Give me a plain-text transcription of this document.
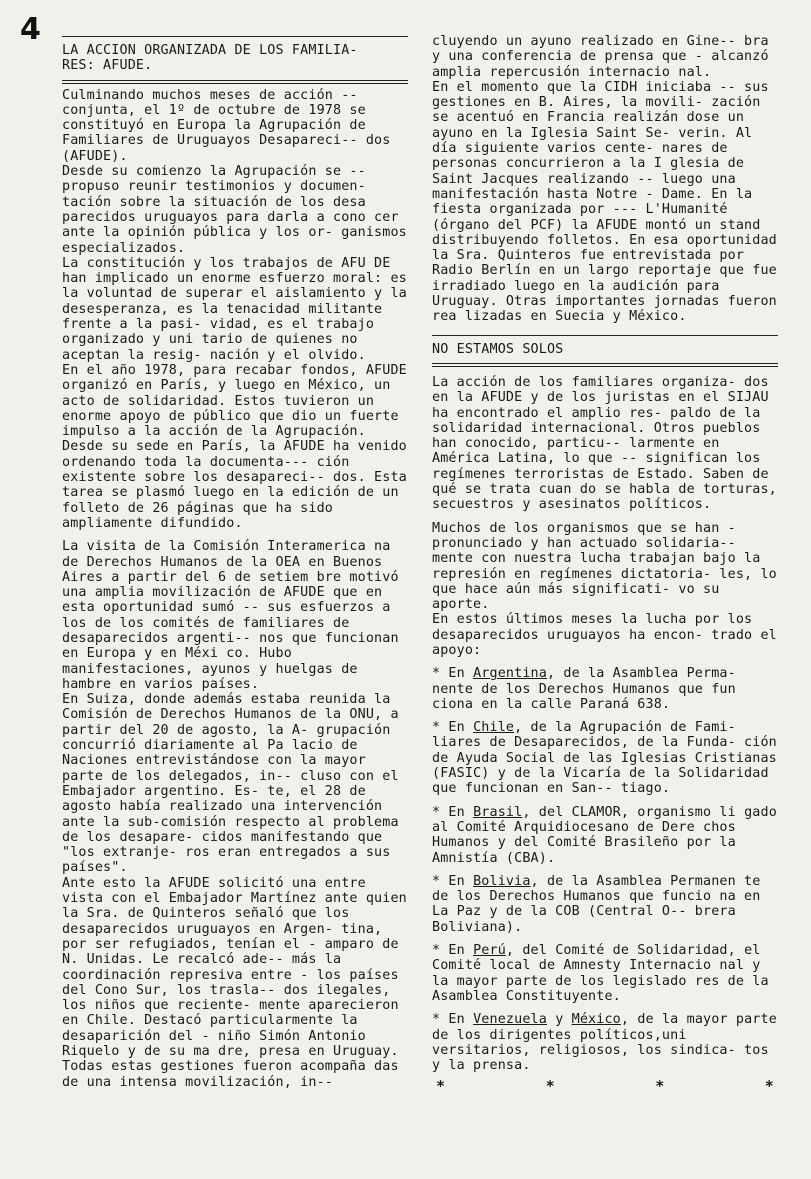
4
LA ACCION ORGANIZADA DE LOS FAMILIA-
RES: AFUDE.

Culminando muchos meses de acción -- conjunta, el 1º de octubre de 1978 se constituyó en Europa la Agrupación de Familiares de Uruguayos Desapareci-- dos (AFUDE).

Desde su comienzo la Agrupación se -- propuso reunir testimonios y documen- tación sobre la situación de los desa parecidos uruguayos para darla a cono cer ante la opinión pública y los or- ganismos especializados.

La constitución y los trabajos de AFU DE han implicado un enorme esfuerzo moral: es la voluntad de superar el aislamiento y la desesperanza, es la tenacidad militante frente a la pasi- vidad, es el trabajo organizado y uni tario de quienes no aceptan la resig- nación y el olvido.

En el año 1978, para recabar fondos, AFUDE organizó en París, y luego en México, un acto de solidaridad. Estos tuvieron un enorme apoyo de público que dio un fuerte impulso a la acción de la Agrupación.

Desde su sede en París, la AFUDE ha venido ordenando toda la documenta--- ción existente sobre los desapareci-- dos. Esta tarea se plasmó luego en la edición de un folleto de 26 páginas que ha sido ampliamente difundido.

La visita de la Comisión Interamerica na de Derechos Humanos de la OEA en Buenos Aires a partir del 6 de setiem bre motivó una amplia movilización de AFUDE que en esta oportunidad sumó -- sus esfuerzos a los de los comités de familiares de desaparecidos argenti-- nos que funcionan en Europa y en Méxi co. Hubo manifestaciones, ayunos y huelgas de hambre en varios países.

En Suiza, donde además estaba reunida la Comisión de Derechos Humanos de la ONU, a partir del 20 de agosto, la A- grupación concurrió diariamente al Pa lacio de Naciones entrevistándose con la mayor parte de los delegados, in-- cluso con el Embajador argentino. Es- te, el 28 de agosto había realizado una intervención ante la sub-comisión respecto al problema de los desapare- cidos manifestando que "los extranje- ros eran entregados a sus países".

Ante esto la AFUDE solicitó una entre vista con el Embajador Martínez ante quien la Sra. de Quinteros señaló que los desaparecidos uruguayos en Argen- tina, por ser refugiados, tenían el - amparo de N. Unidas. Le recalcó ade-- más la coordinación represiva entre - los países del Cono Sur, los trasla-- dos ilegales, los niños que reciente- mente aparecieron en Chile. Destacó particularmente la desaparición del - niño Simón Antonio Riquelo y de su ma dre, presa en Uruguay.

Todas estas gestiones fueron acompaña das de una intensa movilización, in--

cluyendo un ayuno realizado en Gine-- bra y una conferencia de prensa que - alcanzó amplia repercusión internacio nal.

En el momento que la CIDH iniciaba -- sus gestiones en B. Aires, la movili- zación se acentuó en Francia realizán dose un ayuno en la Iglesia Saint Se- verin. Al día siguiente varios cente- nares de personas concurrieron a la I glesia de Saint Jacques realizando -- luego una manifestación hasta Notre - Dame. En la fiesta organizada por --- L'Humanité (órgano del PCF) la AFUDE montó un stand distribuyendo folletos. En esa oportunidad la Sra. Quinteros fue entrevistada por Radio Berlín en un largo reportaje que fue irradiado luego en la audición para Uruguay. Otras importantes jornadas fueron rea lizadas en Suecia y México.

NO ESTAMOS SOLOS

La acción de los familiares organiza- dos en la AFUDE y de los juristas en el SIJAU ha encontrado el amplio res- paldo de la solidaridad internacional. Otros pueblos han conocido, particu-- larmente en América Latina, lo que -- significan los regímenes terroristas de Estado. Saben de qué se trata cuan do se habla de torturas, secuestros y asesinatos políticos.

Muchos de los organismos que se han - pronunciado y han actuado solidaria-- mente con nuestra lucha trabajan bajo la represión en regímenes dictatoria- les, lo que hace aún más significati- vo su aporte.

En estos últimos meses la lucha por los desaparecidos uruguayos ha encon- trado el apoyo:

* En Argentina, de la Asamblea Perma- nente de los Derechos Humanos que fun ciona en la calle Paraná 638.

* En Chile, de la Agrupación de Fami- liares de Desaparecidos, de la Funda- ción de Ayuda Social de las Iglesias Cristianas (FASIC) y de la Vicaría de la Solidaridad que funcionan en San-- tiago.

* En Brasil, del CLAMOR, organismo li gado al Comité Arquidiocesano de Dere chos Humanos y del Comité Brasileño por la Amnistía (CBA).

* En Bolivia, de la Asamblea Permanen te de los Derechos Humanos que funcio na en La Paz y de la COB (Central O-- brera Boliviana).

* En Perú, del Comité de Solidaridad, el Comité local de Amnesty Internacio nal y la mayor parte de los legislado res de la Asamblea Constituyente.

* En Venezuela y México, de la mayor parte de los dirigentes políticos,uni versitarios, religiosos, los sindica- tos y la prensa.

*	*	*	*
